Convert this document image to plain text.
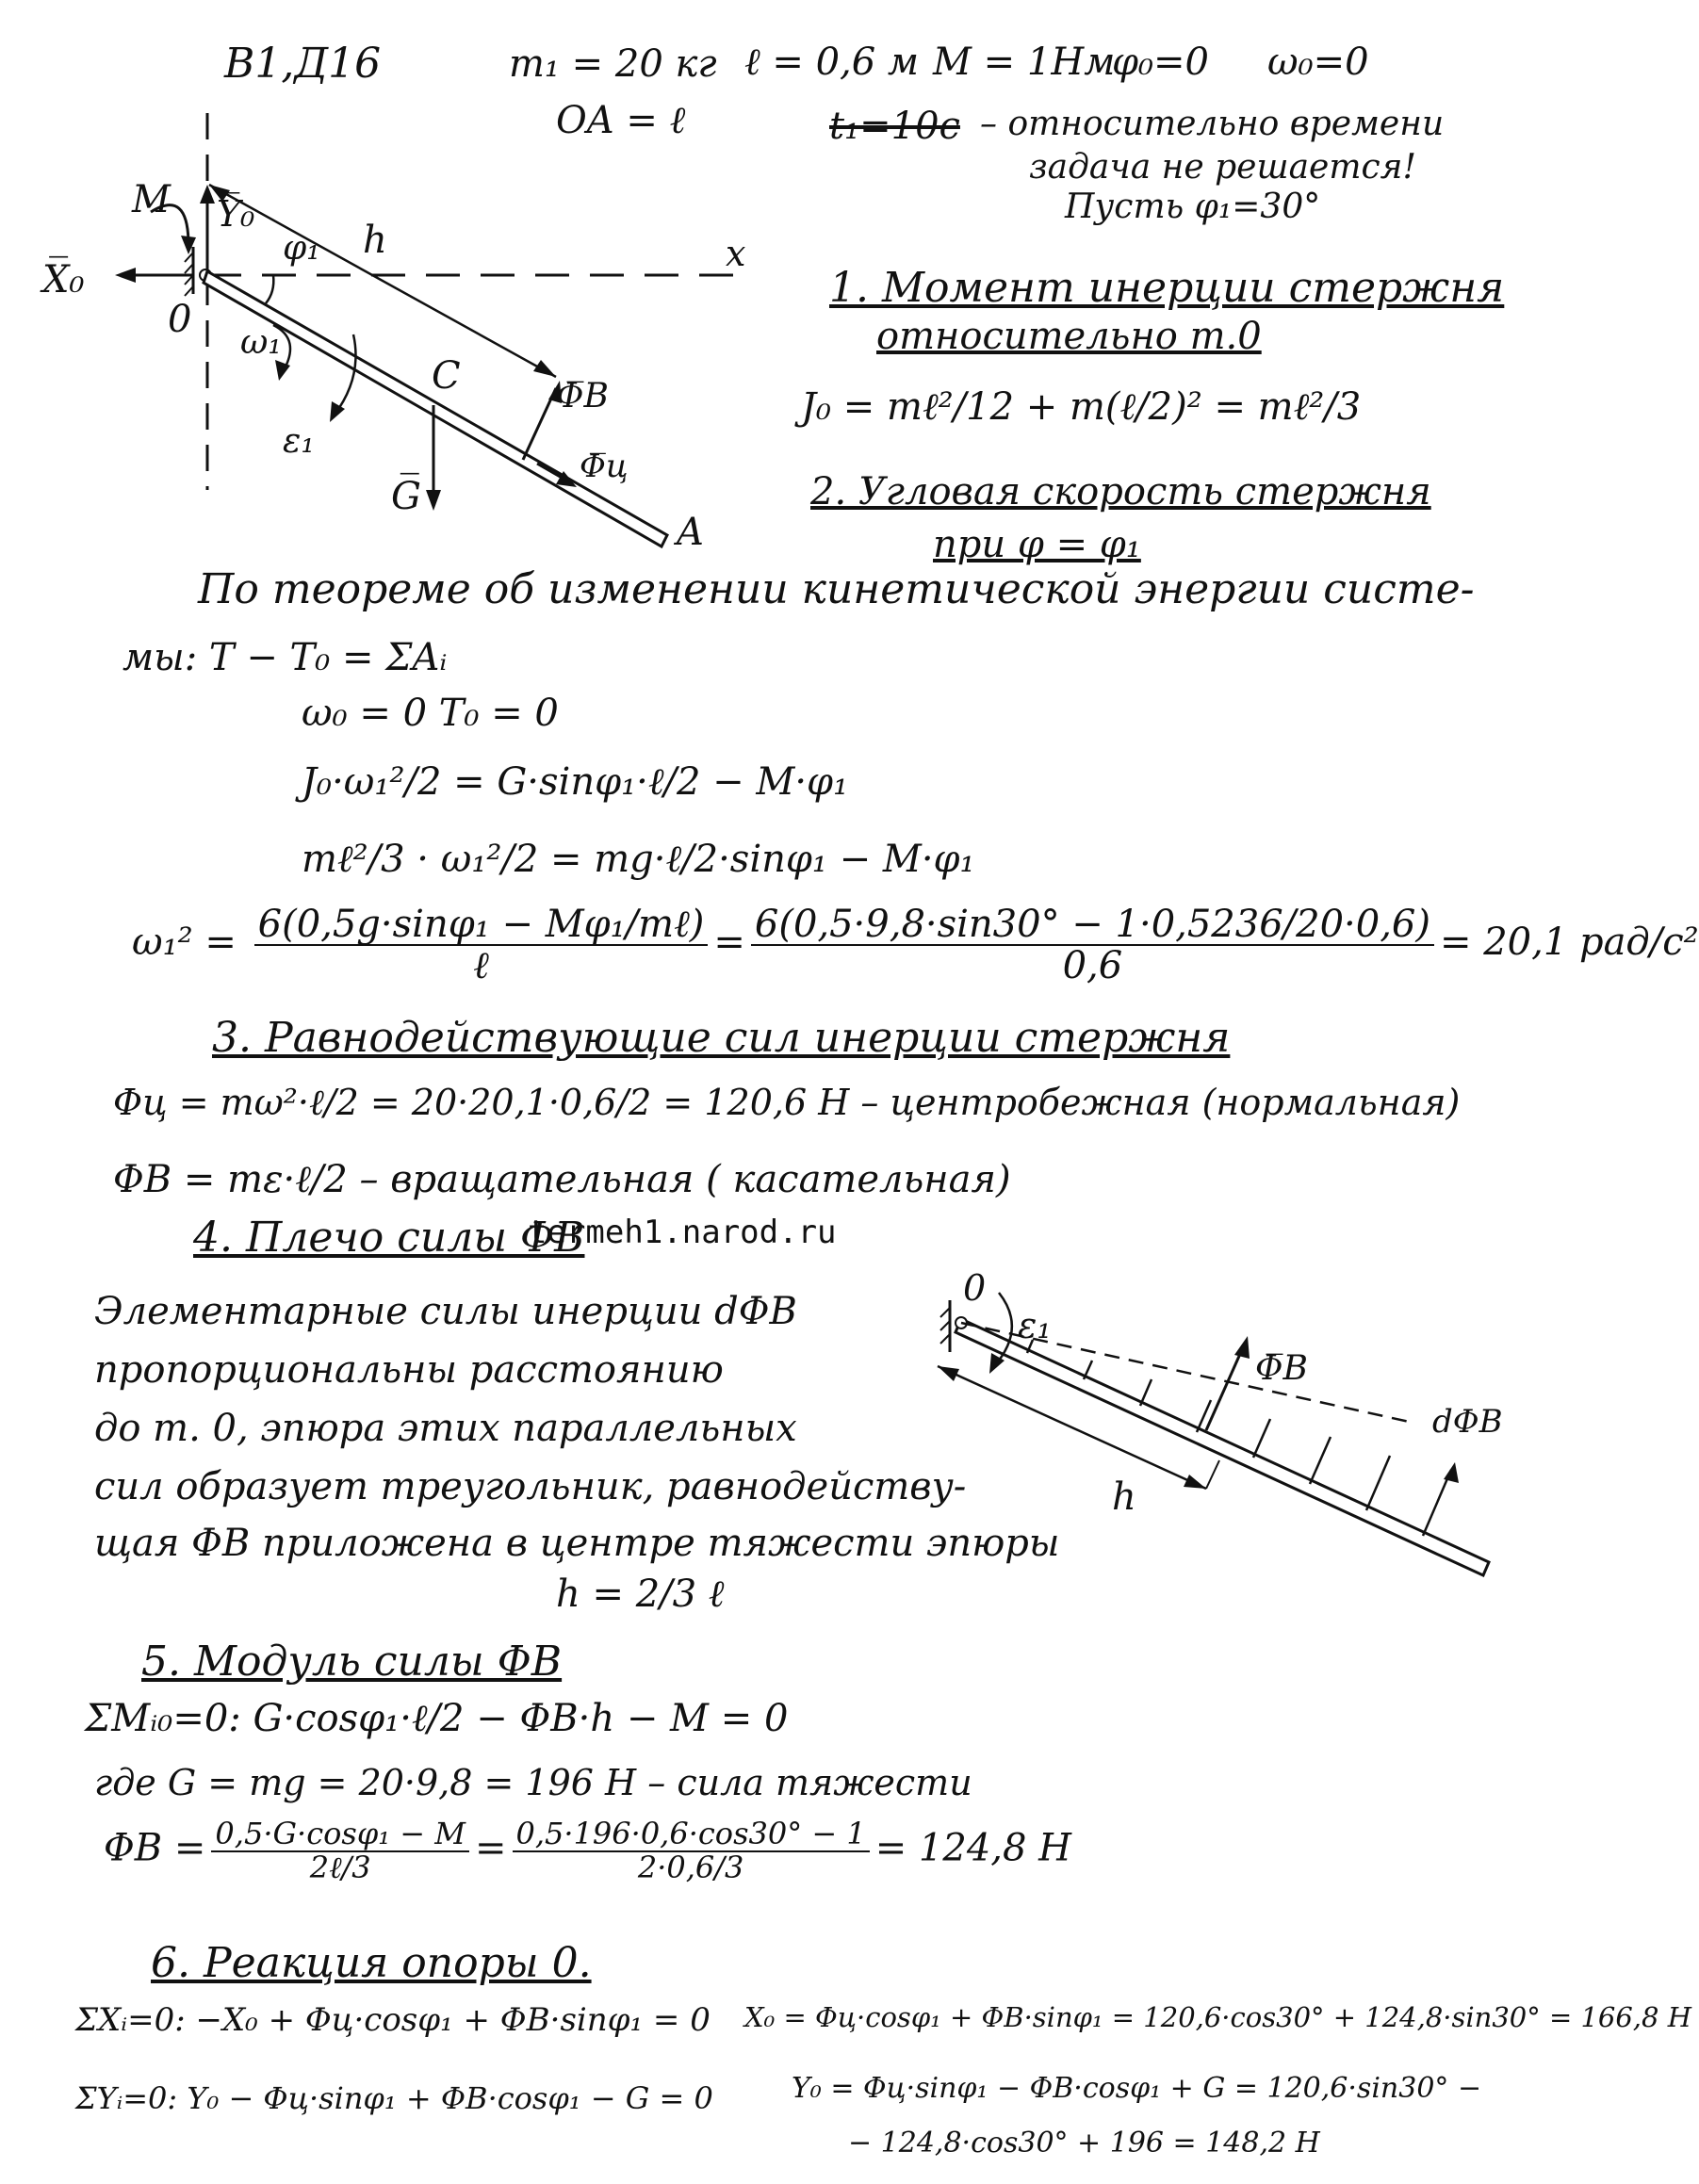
В1,Д16	m₁ = 20 кг ℓ = 0,6 м M = 1Нм
φ₀=0 ω₀=0
OA = ℓ	t₁=10с – относительно времени
задача не решается!
Пусть φ₁=30°
M Y̅₀
X̅₀
0
φ₁ h	x
ω₁
ε₁
C
G̅
Φ̅B
Φ̅ц
A
1. Момент инерции стержня
относительно т.0
J₀ = mℓ²/12 + m(ℓ/2)² = mℓ²/3
2. Угловая скорость стержня
при φ = φ₁
По теореме об изменении кинетической энергии систе-
мы: T − T₀ = ΣAᵢ
ω₀ = 0 T₀ = 0
J₀·ω₁²/2 = G·sinφ₁·ℓ/2 − M·φ₁
mℓ²/3 · ω₁²/2 = mg·ℓ/2·sinφ₁ − M·φ₁
$\omega_1^2 = \frac{\text{6(0,5g·sinφ₁ − Mφ₁/mℓ)}}{\text{ℓ}} = \frac{6(0,5\cdot 9,8\cdot\sin 30^\circ - 1\cdot 0,5236/20\cdot 0,6)}{0,6} = 20,1$ рад/с²
3. Равнодействующие сил инерции стержня
Φц = mω²·ℓ/2 = 20·20,1·0,6/2 = 120,6 Н – центробежная (нормальная)
ΦB = mε·ℓ/2 – вращательная ( касательная)
4. Плечо силы ΦB
termeh1.narod.ru
Элементарные силы инерции dΦB
пропорциональны расстоянию
до т. 0, эпюра этих параллельных
сил образует треугольник, равнодейству-
щая ΦB приложена в центре тяжести эпюры
h = 2/3 ℓ
0
ε₁
Φ̅B
h
dΦB
5. Модуль силы ΦB
ΣMᵢ₀=0: G·cosφ₁·ℓ/2 − ΦB·h − M = 0
где G = mg = 20·9,8 = 196 Н – сила тяжести
$\Phi B = \frac{\text{0,5·G·cosφ₁ − M}}{\text{2ℓ/3}} = \frac{0,5\cdot 196\cdot 0,6\cdot\cos 30^\circ - 1}{2\cdot 0,6/3} = 124,8$ Н
6. Реакция опоры 0.
ΣXᵢ=0: −X₀ + Φц·cosφ₁ + ΦB·sinφ₁ = 0 X₀ = Φц·cosφ₁ + ΦB·sinφ₁ = 120,6·cos30° + 124,8·sin30° = 166,8 Н
ΣYᵢ=0: Y₀ − Φц·sinφ₁ + ΦB·cosφ₁ − G = 0	Y₀ = Φц·sinφ₁ − ΦB·cosφ₁ + G = 120,6·sin30° −
− 124,8·cos30° + 196 = 148,2 Н
